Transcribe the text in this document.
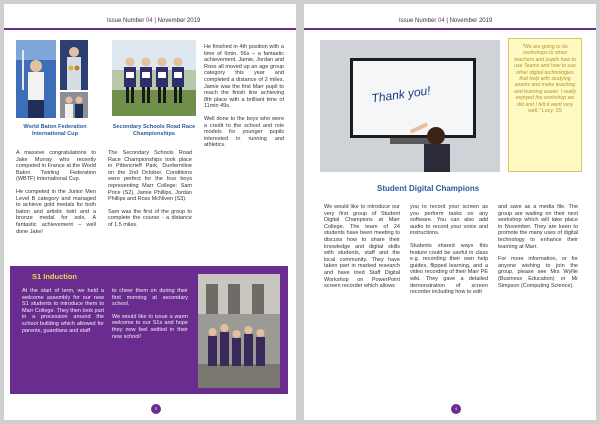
Issue Number 04 | November 2019
World Baton Federation International Cup
Secondary Schools Road Race Championships

A massive congratulations to Jake Murray who recently competed in France at the World Baton Twirling Federation (WBTF) International Cup.

He competed in the Junior Men Level B category and managed to achieve gold medals for both baton and artistic twirl and a bronze medal for solo. A fantastic achievement – well done Jake!

The Secondary Schools Road Race Championships took place in Pittencrieff Park, Dunfermline on the 2nd October. Conditions were perfect for the four boys representing Marr College: Sam Price (S2), Jamie Phillips, Jordan Phillips and Ross McNiven (S3).

Sam was the first of the group to complete the course - a distance of 1.5 miles.

He finished in 4th position with a time of 6min. 56s – a fantastic achievement. Jamie, Jordan and Ross all moved up an age group category this year and completed a distance of 2 miles. Jamie was the first Marr pupil to reach the finish line achieving 8th place with a brilliant time of 11min 49s.

Well done to the boys who were a credit to the school and role models for younger pupils interested in running and athletics.

S1 Induction

At the start of term, we held a welcome assembly for our new S1 students to introduce them to Marr College. They then took part in a procession around the school building which allowed for parents, guardians and staff

to cheer them on during their first morning at secondary school.

We would like to issue a warm welcome to our S1s and hope they now feel settled in their new school!

3
Issue Number 04 | November 2019
Thank you!
"We are going to do workshops to show teachers and pupils how to use Teams and how to use other digital technologies that help with studying exams and make teaching and learning easier. I really enjoyed the workshop we did and I felt it went very well." Lucy, S5
Student Digital Champions

We would like to introduce our very first group of Student Digital Champions at Marr College. The team of 24 students have been meeting to discuss how to share their knowledge and digital skills with students, staff and the local community. They have taken part in marked research and have tried Staff Digital Workshop on PowerPoint screen recorder which allows

you to record your screen as you perform tasks on any software. You can also add audio to record your voice and instructions.

Students shared ways this feature could be useful in class e.g. recording their own help guides, flipped learning, and a video recording of their Marr PE wiki. They gave a detailed demonstration of screen recorder including how to edit

and save as a media file. The group are waiting on their next workshop which will take place in November. They are keen to promote the many uses of digital technology to enhance their learning at Marr.

For more information, or for anyone wishing to join the group, please see Mrs Wyllie (Business Education) or Mr Simpson (Computing Science).

4
